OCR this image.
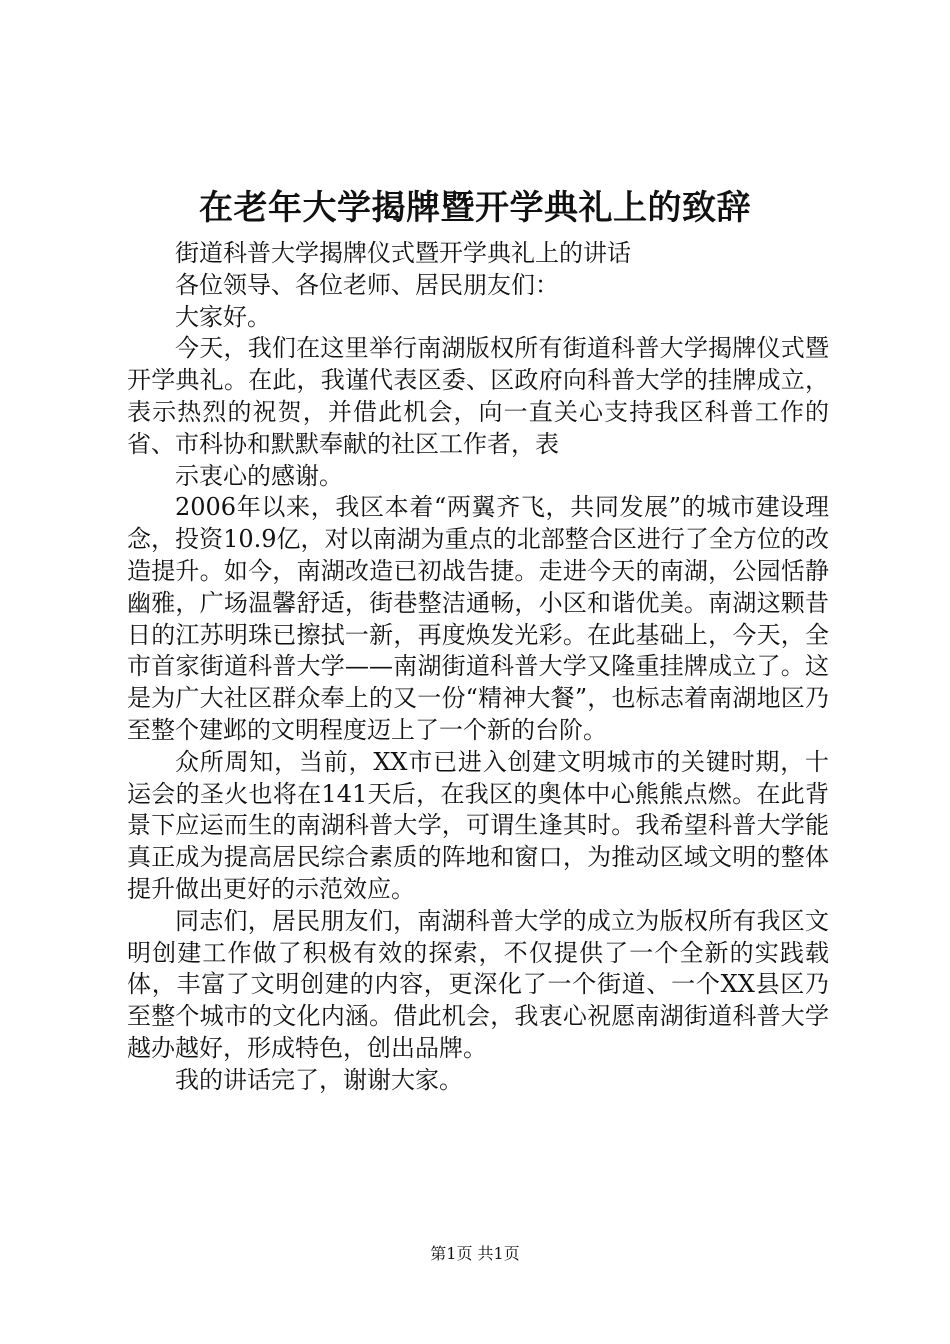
在老年大学揭牌暨开学典礼上的致辞

街道科普大学揭牌仪式暨开学典礼上的讲话

各位领导、各位老师、居民朋友们：

大家好。

今天，我们在这里举行南湖版权所有街道科普大学揭牌仪式暨开学典礼。在此，我谨代表区委、区政府向科普大学的挂牌成立，表示热烈的祝贺，并借此机会，向一直关心支持我区科普工作的省、市科协和默默奉献的社区工作者，表

示衷心的感谢。

2006年以来，我区本着“两翼齐飞，共同发展”的城市建设理念，投资10.9亿，对以南湖为重点的北部整合区进行了全方位的改造提升。如今，南湖改造已初战告捷。走进今天的南湖，公园恬静幽雅，广场温馨舒适，街巷整洁通畅，小区和谐优美。南湖这颗昔日的江苏明珠已擦拭一新，再度焕发光彩。在此基础上，今天，全市首家街道科普大学——南湖街道科普大学又隆重挂牌成立了。这是为广大社区群众奉上的又一份“精神大餐”，也标志着南湖地区乃至整个建邺的文明程度迈上了一个新的台阶。

众所周知，当前，XX市已进入创建文明城市的关键时期，十运会的圣火也将在141天后，在我区的奥体中心熊熊点燃。在此背景下应运而生的南湖科普大学，可谓生逢其时。我希望科普大学能真正成为提高居民综合素质的阵地和窗口，为推动区域文明的整体提升做出更好的示范效应。

同志们，居民朋友们，南湖科普大学的成立为版权所有我区文明创建工作做了积极有效的探索，不仅提供了一个全新的实践载体，丰富了文明创建的内容，更深化了一个街道、一个XX县区乃至整个城市的文化内涵。借此机会，我衷心祝愿南湖街道科普大学越办越好，形成特色，创出品牌。

我的讲话完了，谢谢大家。

第1页 共1页
